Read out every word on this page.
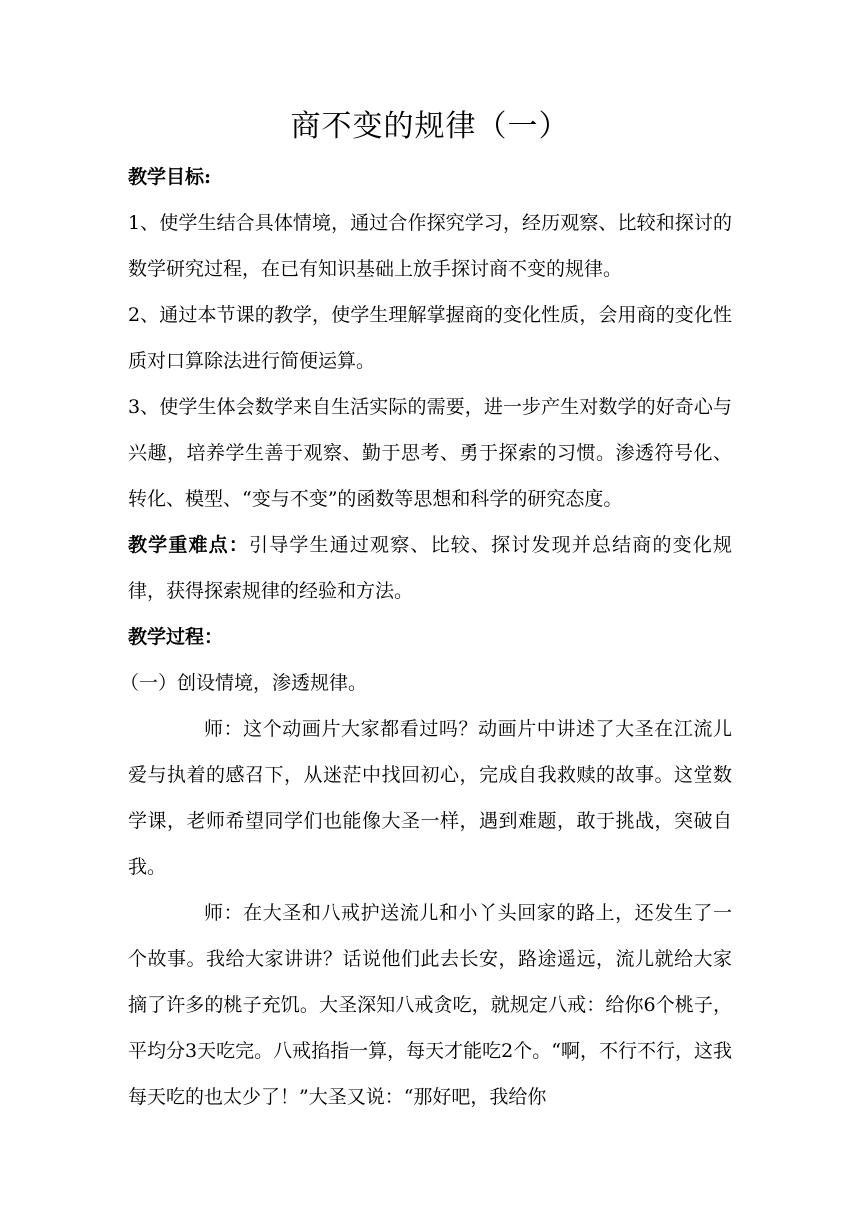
商不变的规律（一）

教学目标:

1、使学生结合具体情境，通过合作探究学习，经历观察、比较和探讨的数学研究过程，在已有知识基础上放手探讨商不变的规律。

2、通过本节课的教学，使学生理解掌握商的变化性质，会用商的变化性质对口算除法进行简便运算。

3、使学生体会数学来自生活实际的需要，进一步产生对数学的好奇心与兴趣，培养学生善于观察、勤于思考、勇于探索的习惯。渗透符号化、转化、模型、“变与不变”的函数等思想和科学的研究态度。

教学重难点：引导学生通过观察、比较、探讨发现并总结商的变化规律，获得探索规律的经验和方法。

教学过程：

（一）创设情境，渗透规律。

师：这个动画片大家都看过吗？动画片中讲述了大圣在江流儿爱与执着的感召下，从迷茫中找回初心，完成自我救赎的故事。这堂数学课，老师希望同学们也能像大圣一样，遇到难题，敢于挑战，突破自我。

师：在大圣和八戒护送流儿和小丫头回家的路上，还发生了一个故事。我给大家讲讲？话说他们此去长安，路途遥远，流儿就给大家摘了许多的桃子充饥。大圣深知八戒贪吃，就规定八戒：给你6个桃子，平均分3天吃完。八戒掐指一算，每天才能吃2个。“啊，不行不行，这我每天吃的也太少了！”大圣又说：“那好吧，我给你
